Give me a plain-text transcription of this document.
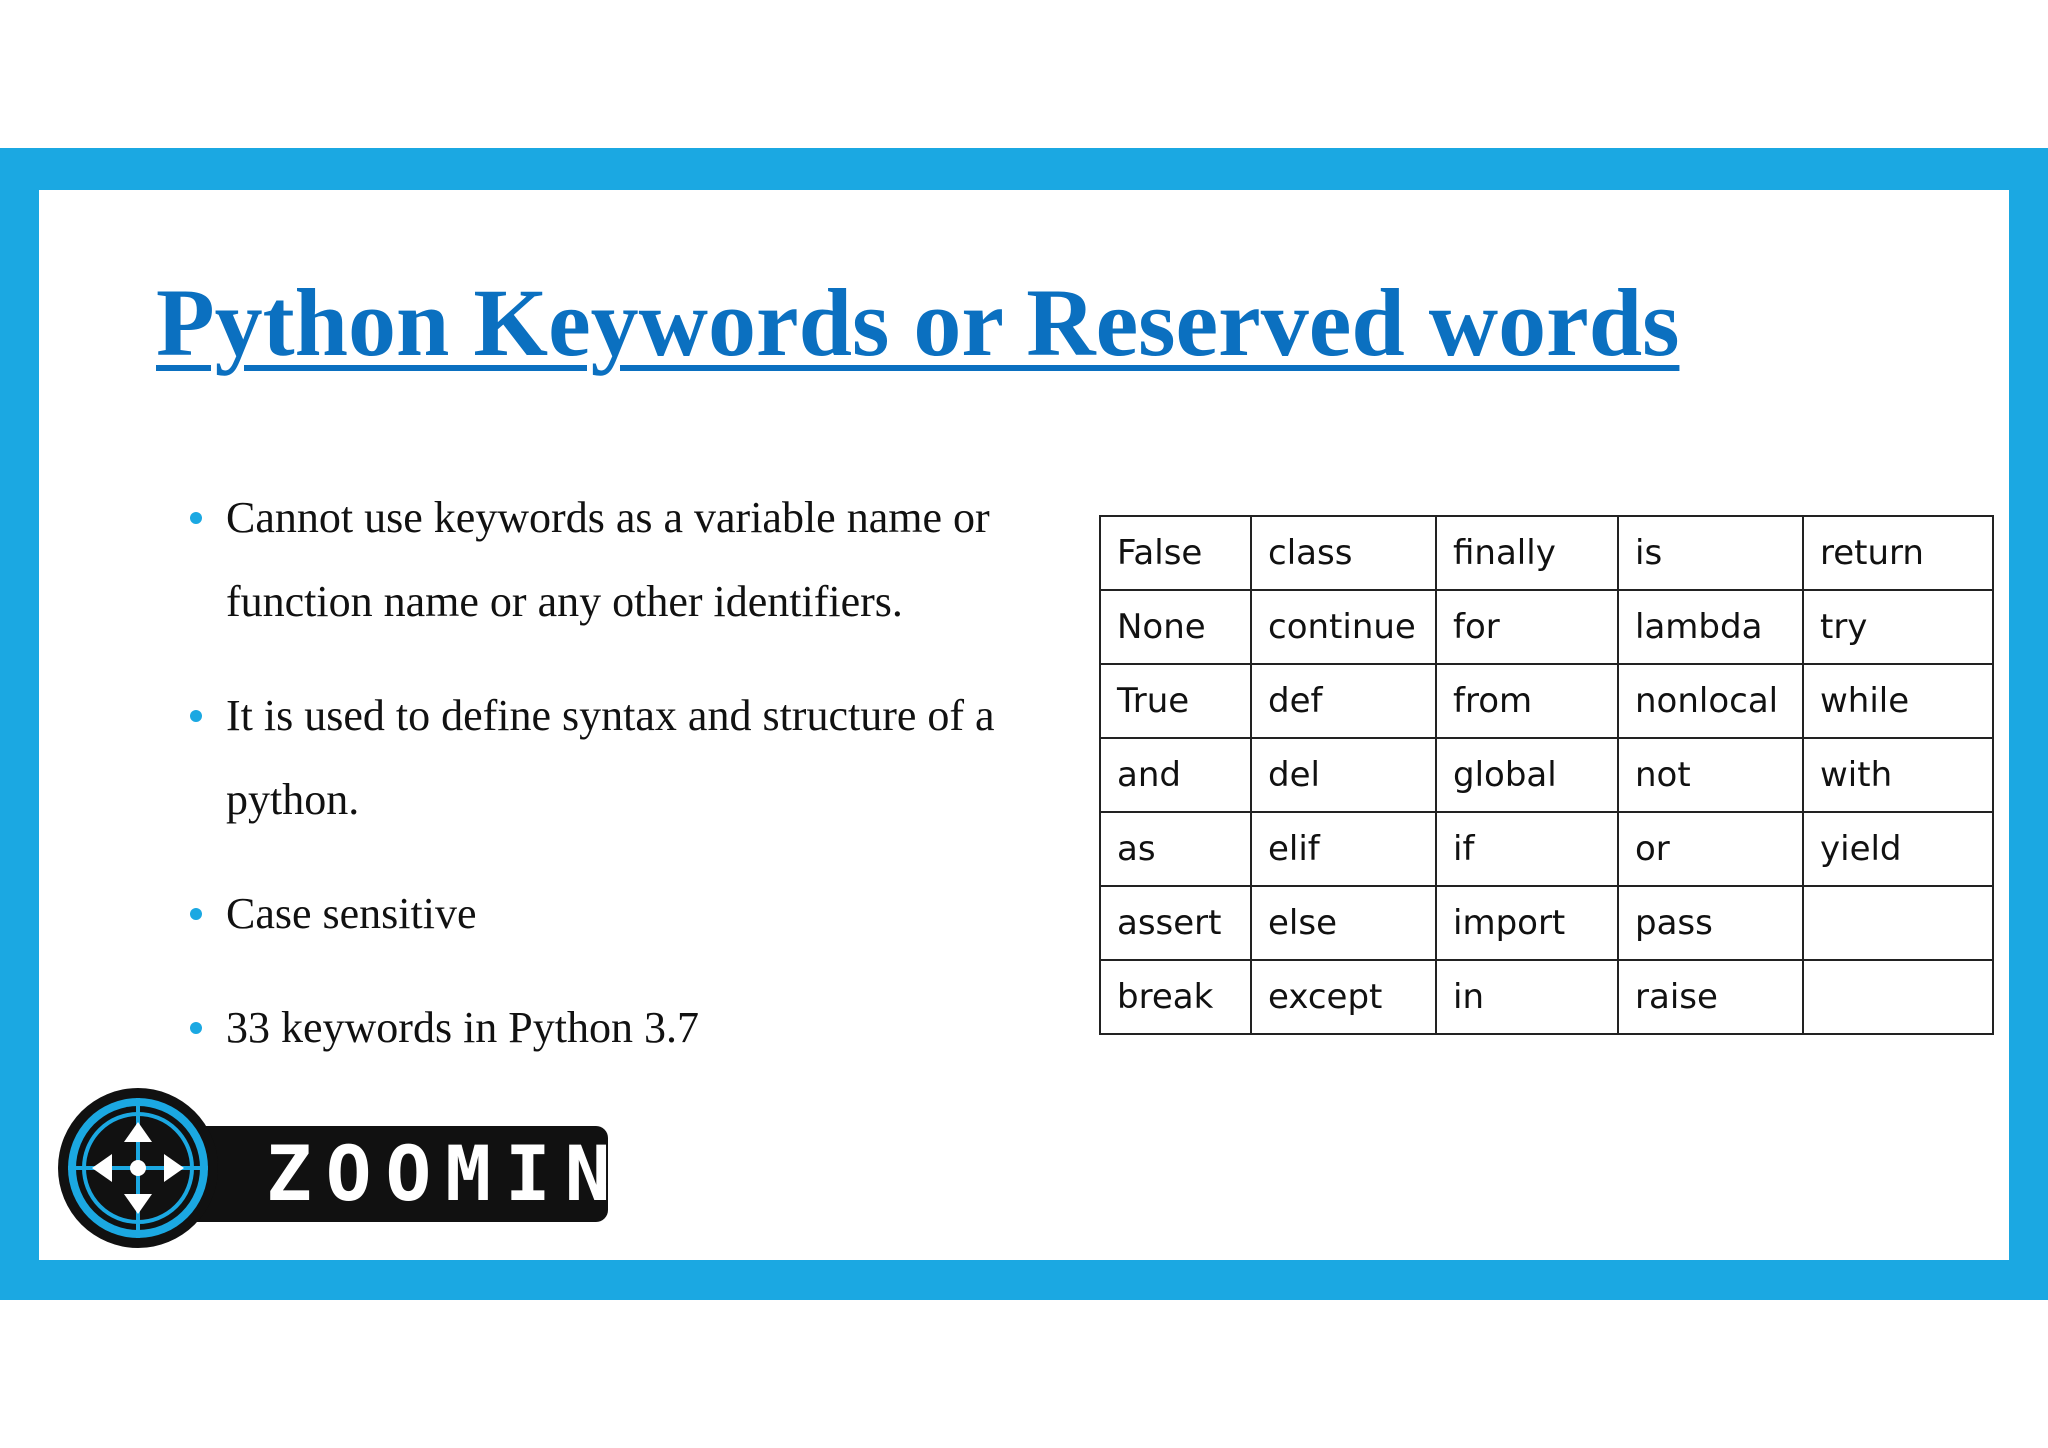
Python Keywords or Reserved words
Cannot use keywords as a variable name or function name or any other identifiers.
It is used to define syntax and structure of a python.
Case sensitive
33 keywords in Python 3.7
False	class	finally	is	return
None	continue	for	lambda	try
True	def	from	nonlocal	while
and	del	global	not	with
as	elif	if	or	yield
assert	else	import	pass	
break	except	in	raise	
ZOOMING
